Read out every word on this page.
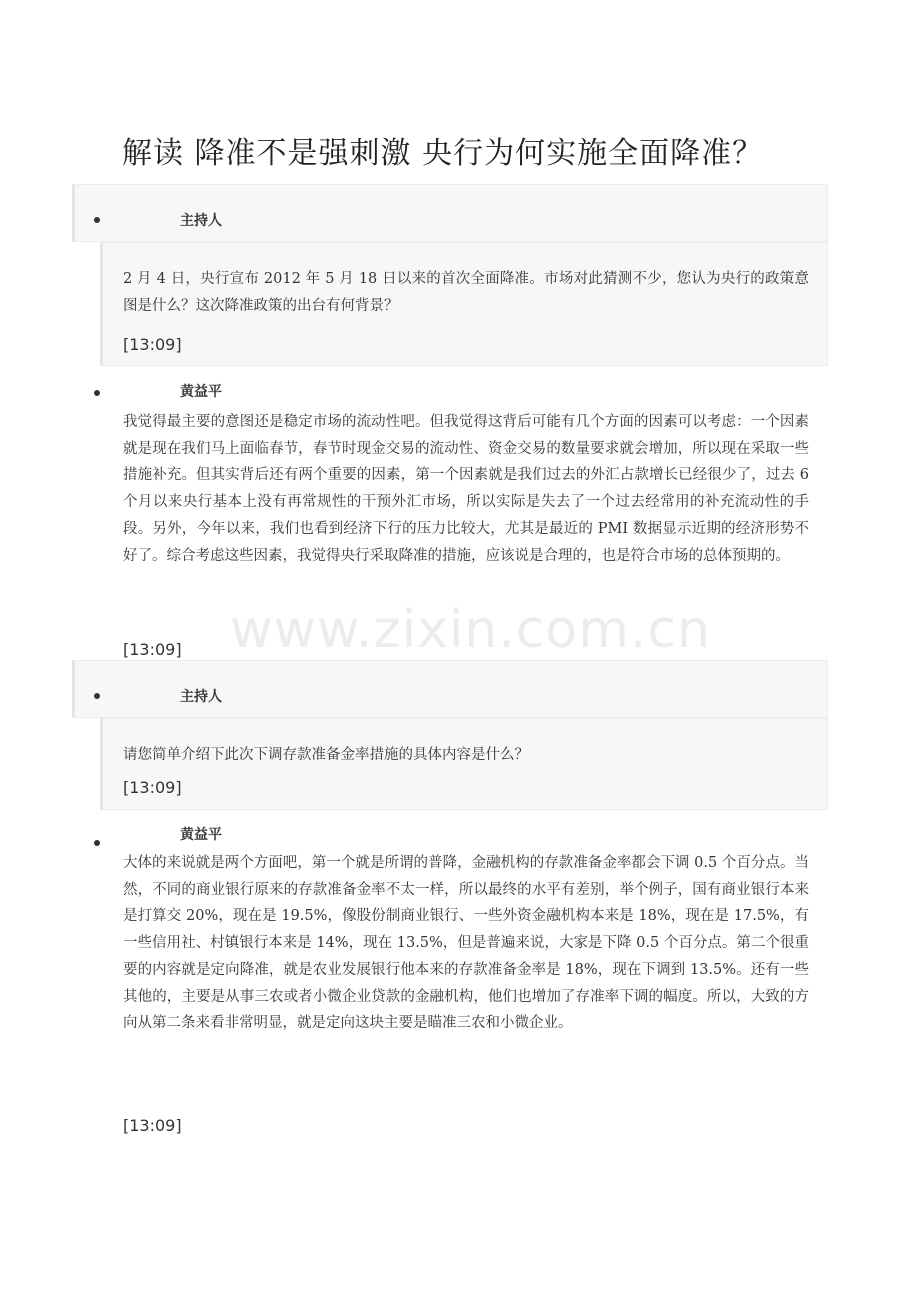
解读 降准不是强刺激 央行为何实施全面降准？
主持人

2 月 4 日，央行宣布 2012 年 5 月 18 日以来的首次全面降准。市场对此猜测不少，您认为央行的政策意图是什么？这次降准政策的出台有何背景？

[13:09]
黄益平

我觉得最主要的意图还是稳定市场的流动性吧。但我觉得这背后可能有几个方面的因素可以考虑：一个因素就是现在我们马上面临春节，春节时现金交易的流动性、资金交易的数量要求就会增加，所以现在采取一些措施补充。但其实背后还有两个重要的因素，第一个因素就是我们过去的外汇占款增长已经很少了，过去 6 个月以来央行基本上没有再常规性的干预外汇市场，所以实际是失去了一个过去经常用的补充流动性的手段。另外，今年以来，我们也看到经济下行的压力比较大，尤其是最近的 PMI 数据显示近期的经济形势不好了。综合考虑这些因素，我觉得央行采取降准的措施，应该说是合理的，也是符合市场的总体预期的。

[13:09]
主持人

请您简单介绍下此次下调存款准备金率措施的具体内容是什么？

[13:09]
黄益平

大体的来说就是两个方面吧，第一个就是所谓的普降，金融机构的存款准备金率都会下调 0.5 个百分点。当然，不同的商业银行原来的存款准备金率不太一样，所以最终的水平有差别，举个例子，国有商业银行本来是打算交 20%，现在是 19.5%，像股份制商业银行、一些外资金融机构本来是 18%，现在是 17.5%，有一些信用社、村镇银行本来是 14%，现在 13.5%，但是普遍来说，大家是下降 0.5 个百分点。第二个很重要的内容就是定向降准，就是农业发展银行他本来的存款准备金率是 18%，现在下调到 13.5%。还有一些其他的，主要是从事三农或者小微企业贷款的金融机构，他们也增加了存准率下调的幅度。所以，大致的方向从第二条来看非常明显，就是定向这块主要是瞄准三农和小微企业。

[13:09]
www.zixin.com.cn
